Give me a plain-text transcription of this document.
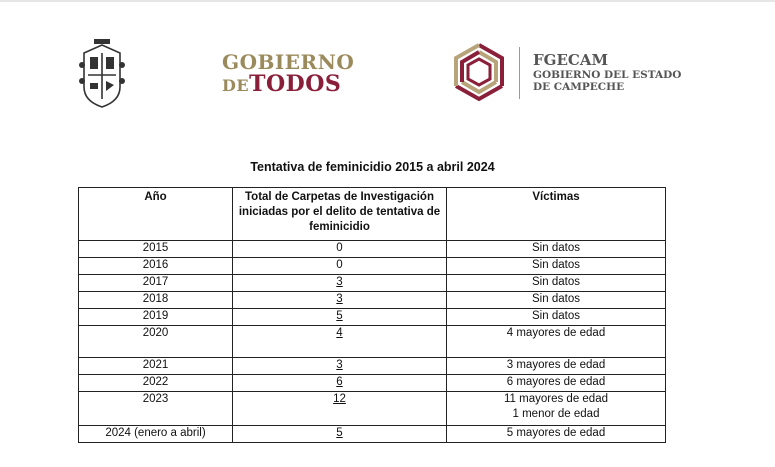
GOBIERNO
DETODOS
FGECAM
GOBIERNO DEL ESTADO
DE CAMPECHE
Tentativa de feminicidio 2015 a abril 2024
Año	Total de Carpetas de Investigación iniciadas por el delito de tentativa de feminicidio	Víctimas
2015	0	Sin datos
2016	0	Sin datos
2017	3	Sin datos
2018	3	Sin datos
2019	5	Sin datos
2020	4	4 mayores de edad
2021	3	3 mayores de edad
2022	6	6 mayores de edad
2023	12	11 mayores de edad
1 menor de edad

2024 (enero a abril)	5	5 mayores de edad
